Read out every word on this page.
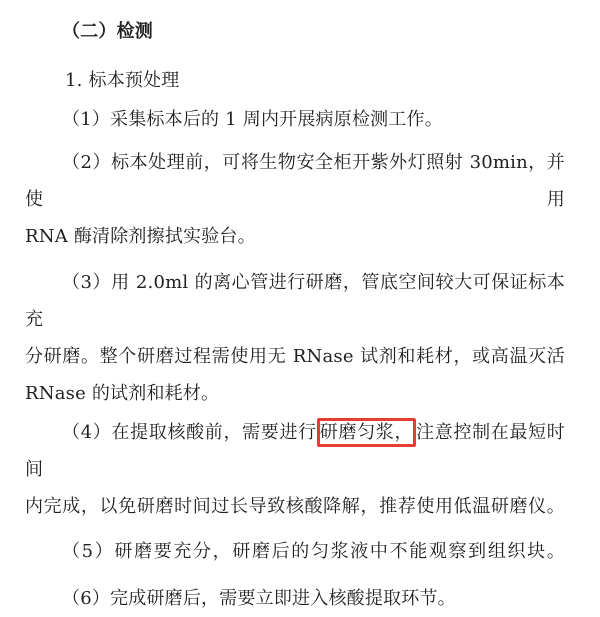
（二）检测
1. 标本预处理
（1）采集标本后的 1 周内开展病原检测工作。
（2）标本处理前，可将生物安全柜开紫外灯照射 30min，并使用
RNA 酶清除剂擦拭实验台。
（3）用 2.0ml 的离心管进行研磨，管底空间较大可保证标本充
分研磨。整个研磨过程需使用无 RNase 试剂和耗材，或高温灭活
RNase 的试剂和耗材。
（4）在提取核酸前，需要进行 研磨匀浆， 注意控制在最短时间
内完成，以免研磨时间过长导致核酸降解，推荐使用低温研磨仪。
（5）研磨要充分，研磨后的匀浆液中不能观察到组织块。
（6）完成研磨后，需要立即进入核酸提取环节。
